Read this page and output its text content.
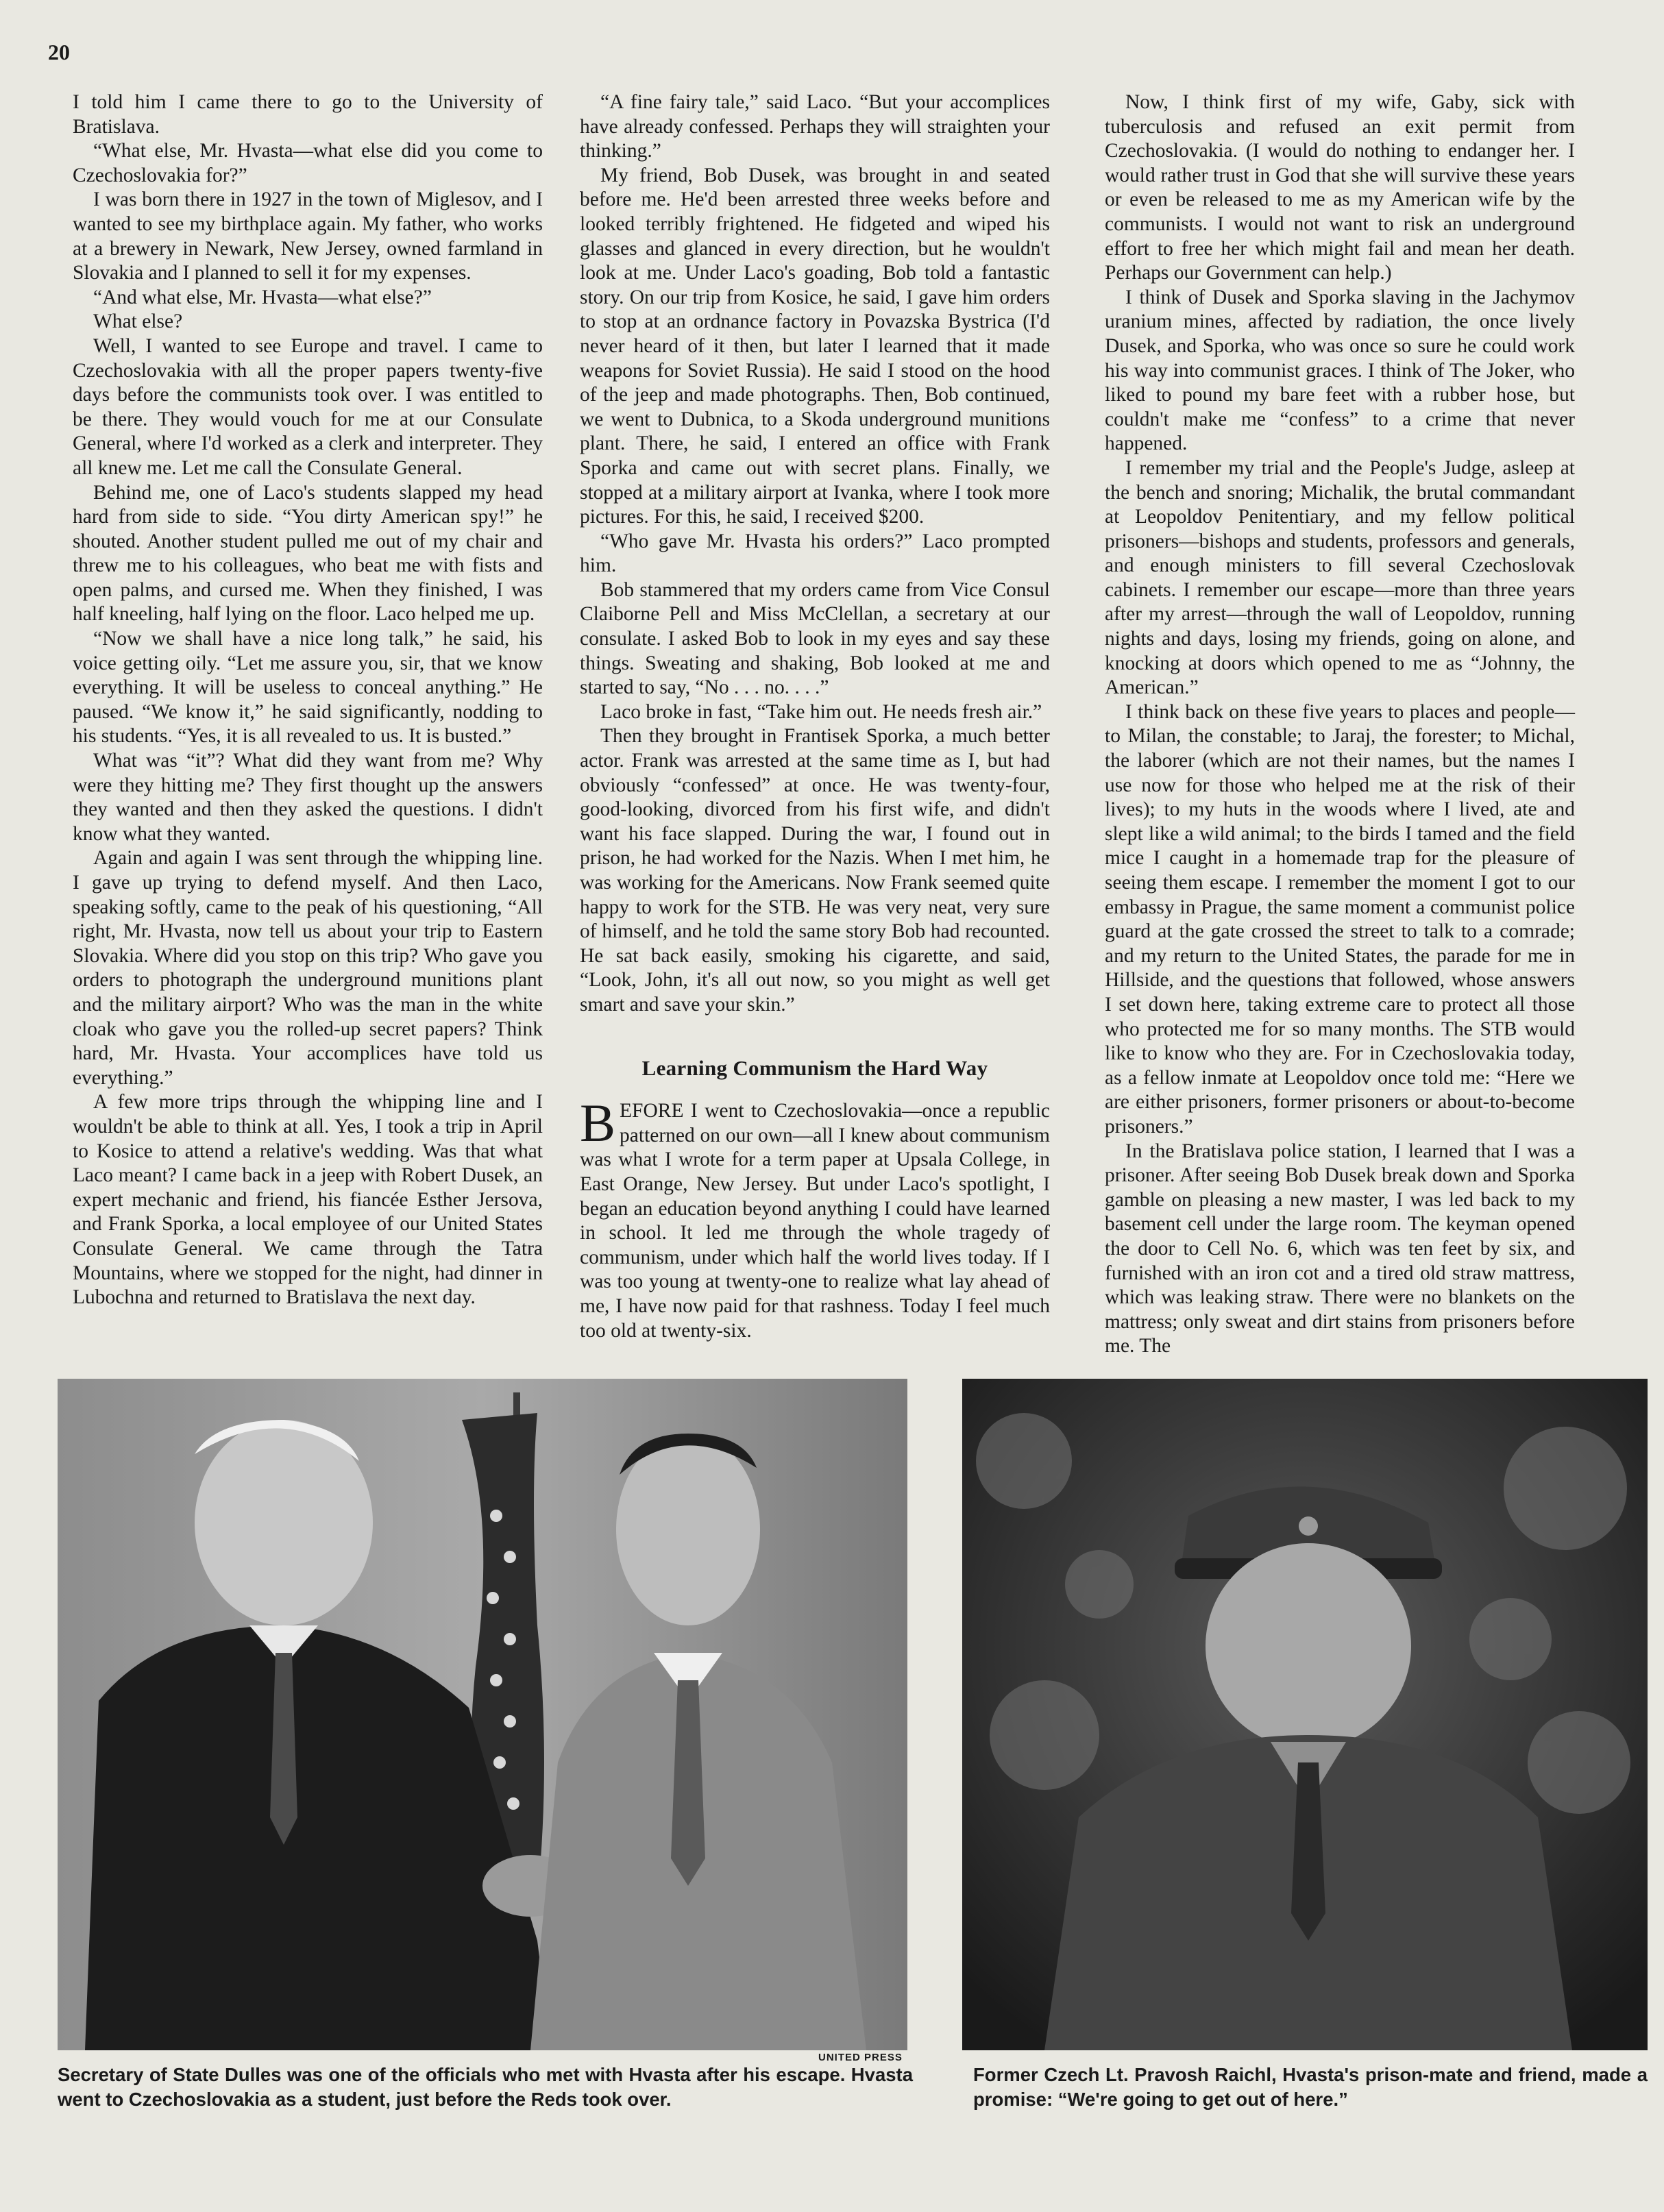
20

I told him I came there to go to the University of Bratislava.

“What else, Mr. Hvasta—what else did you come to Czechoslovakia for?”

I was born there in 1927 in the town of Miglesov, and I wanted to see my birthplace again. My father, who works at a brewery in Newark, New Jersey, owned farmland in Slovakia and I planned to sell it for my expenses.

“And what else, Mr. Hvasta—what else?”

What else?

Well, I wanted to see Europe and travel. I came to Czechoslovakia with all the proper papers twenty-five days before the communists took over. I was entitled to be there. They would vouch for me at our Consulate General, where I'd worked as a clerk and interpreter. They all knew me. Let me call the Consulate General.

Behind me, one of Laco's students slapped my head hard from side to side. “You dirty American spy!” he shouted. Another student pulled me out of my chair and threw me to his colleagues, who beat me with fists and open palms, and cursed me. When they finished, I was half kneeling, half lying on the floor. Laco helped me up.

“Now we shall have a nice long talk,” he said, his voice getting oily. “Let me assure you, sir, that we know everything. It will be useless to conceal anything.” He paused. “We know it,” he said significantly, nodding to his students. “Yes, it is all revealed to us. It is busted.”

What was “it”? What did they want from me? Why were they hitting me? They first thought up the answers they wanted and then they asked the questions. I didn't know what they wanted.

Again and again I was sent through the whipping line. I gave up trying to defend myself. And then Laco, speaking softly, came to the peak of his questioning, “All right, Mr. Hvasta, now tell us about your trip to Eastern Slovakia. Where did you stop on this trip? Who gave you orders to photograph the underground munitions plant and the military airport? Who was the man in the white cloak who gave you the rolled-up secret papers? Think hard, Mr. Hvasta. Your accomplices have told us everything.”

A few more trips through the whipping line and I wouldn't be able to think at all. Yes, I took a trip in April to Kosice to attend a relative's wedding. Was that what Laco meant? I came back in a jeep with Robert Dusek, an expert mechanic and friend, his fiancée Esther Jersova, and Frank Sporka, a local employee of our United States Consulate General. We came through the Tatra Mountains, where we stopped for the night, had dinner in Lubochna and returned to Bratislava the next day.

“A fine fairy tale,” said Laco. “But your accomplices have already confessed. Perhaps they will straighten your thinking.”

My friend, Bob Dusek, was brought in and seated before me. He'd been arrested three weeks before and looked terribly frightened. He fidgeted and wiped his glasses and glanced in every direction, but he wouldn't look at me. Under Laco's goading, Bob told a fantastic story. On our trip from Kosice, he said, I gave him orders to stop at an ordnance factory in Povazska Bystrica (I'd never heard of it then, but later I learned that it made weapons for Soviet Russia). He said I stood on the hood of the jeep and made photographs. Then, Bob continued, we went to Dubnica, to a Skoda underground munitions plant. There, he said, I entered an office with Frank Sporka and came out with secret plans. Finally, we stopped at a military airport at Ivanka, where I took more pictures. For this, he said, I received $200.

“Who gave Mr. Hvasta his orders?” Laco prompted him.

Bob stammered that my orders came from Vice Consul Claiborne Pell and Miss McClellan, a secretary at our consulate. I asked Bob to look in my eyes and say these things. Sweating and shaking, Bob looked at me and started to say, “No . . . no. . . .”

Laco broke in fast, “Take him out. He needs fresh air.”

Then they brought in Frantisek Sporka, a much better actor. Frank was arrested at the same time as I, but had obviously “confessed” at once. He was twenty-four, good-looking, divorced from his first wife, and didn't want his face slapped. During the war, I found out in prison, he had worked for the Nazis. When I met him, he was working for the Americans. Now Frank seemed quite happy to work for the STB. He was very neat, very sure of himself, and he told the same story Bob had recounted. He sat back easily, smoking his cigarette, and said, “Look, John, it's all out now, so you might as well get smart and save your skin.”

Learning Communism the Hard Way

BEFORE I went to Czechoslovakia—once a republic patterned on our own—all I knew about communism was what I wrote for a term paper at Upsala College, in East Orange, New Jersey. But under Laco's spotlight, I began an education beyond anything I could have learned in school. It led me through the whole tragedy of communism, under which half the world lives today. If I was too young at twenty-one to realize what lay ahead of me, I have now paid for that rashness. Today I feel much too old at twenty-six.

Now, I think first of my wife, Gaby, sick with tuberculosis and refused an exit permit from Czechoslovakia. (I would do nothing to endanger her. I would rather trust in God that she will survive these years or even be released to me as my American wife by the communists. I would not want to risk an underground effort to free her which might fail and mean her death. Perhaps our Government can help.)

I think of Dusek and Sporka slaving in the Jachymov uranium mines, affected by radiation, the once lively Dusek, and Sporka, who was once so sure he could work his way into communist graces. I think of The Joker, who liked to pound my bare feet with a rubber hose, but couldn't make me “confess” to a crime that never happened.

I remember my trial and the People's Judge, asleep at the bench and snoring; Michalik, the brutal commandant at Leopoldov Penitentiary, and my fellow political prisoners—bishops and students, professors and generals, and enough ministers to fill several Czechoslovak cabinets. I remember our escape—more than three years after my arrest—through the wall of Leopoldov, running nights and days, losing my friends, going on alone, and knocking at doors which opened to me as “Johnny, the American.”

I think back on these five years to places and people—to Milan, the constable; to Jaraj, the forester; to Michal, the laborer (which are not their names, but the names I use now for those who helped me at the risk of their lives); to my huts in the woods where I lived, ate and slept like a wild animal; to the birds I tamed and the field mice I caught in a homemade trap for the pleasure of seeing them escape. I remember the moment I got to our embassy in Prague, the same moment a communist police guard at the gate crossed the street to talk to a comrade; and my return to the United States, the parade for me in Hillside, and the questions that followed, whose answers I set down here, taking extreme care to protect all those who protected me for so many months. The STB would like to know who they are. For in Czechoslovakia today, as a fellow inmate at Leopoldov once told me: “Here we are either prisoners, former prisoners or about-to-become prisoners.”

In the Bratislava police station, I learned that I was a prisoner. After seeing Bob Dusek break down and Sporka gamble on pleasing a new master, I was led back to my basement cell under the large room. The keyman opened the door to Cell No. 6, which was ten feet by six, and furnished with an iron cot and a tired old straw mattress, which was leaking straw. There were no blankets on the mattress; only sweat and dirt stains from prisoners before me. The

UNITED PRESS
Secretary of State Dulles was one of the officials who met with Hvasta after his escape. Hvasta went to Czechoslovakia as a student, just before the Reds took over.
Former Czech Lt. Pravosh Raichl, Hvasta's prison-mate and friend, made a promise: “We're going to get out of here.”
